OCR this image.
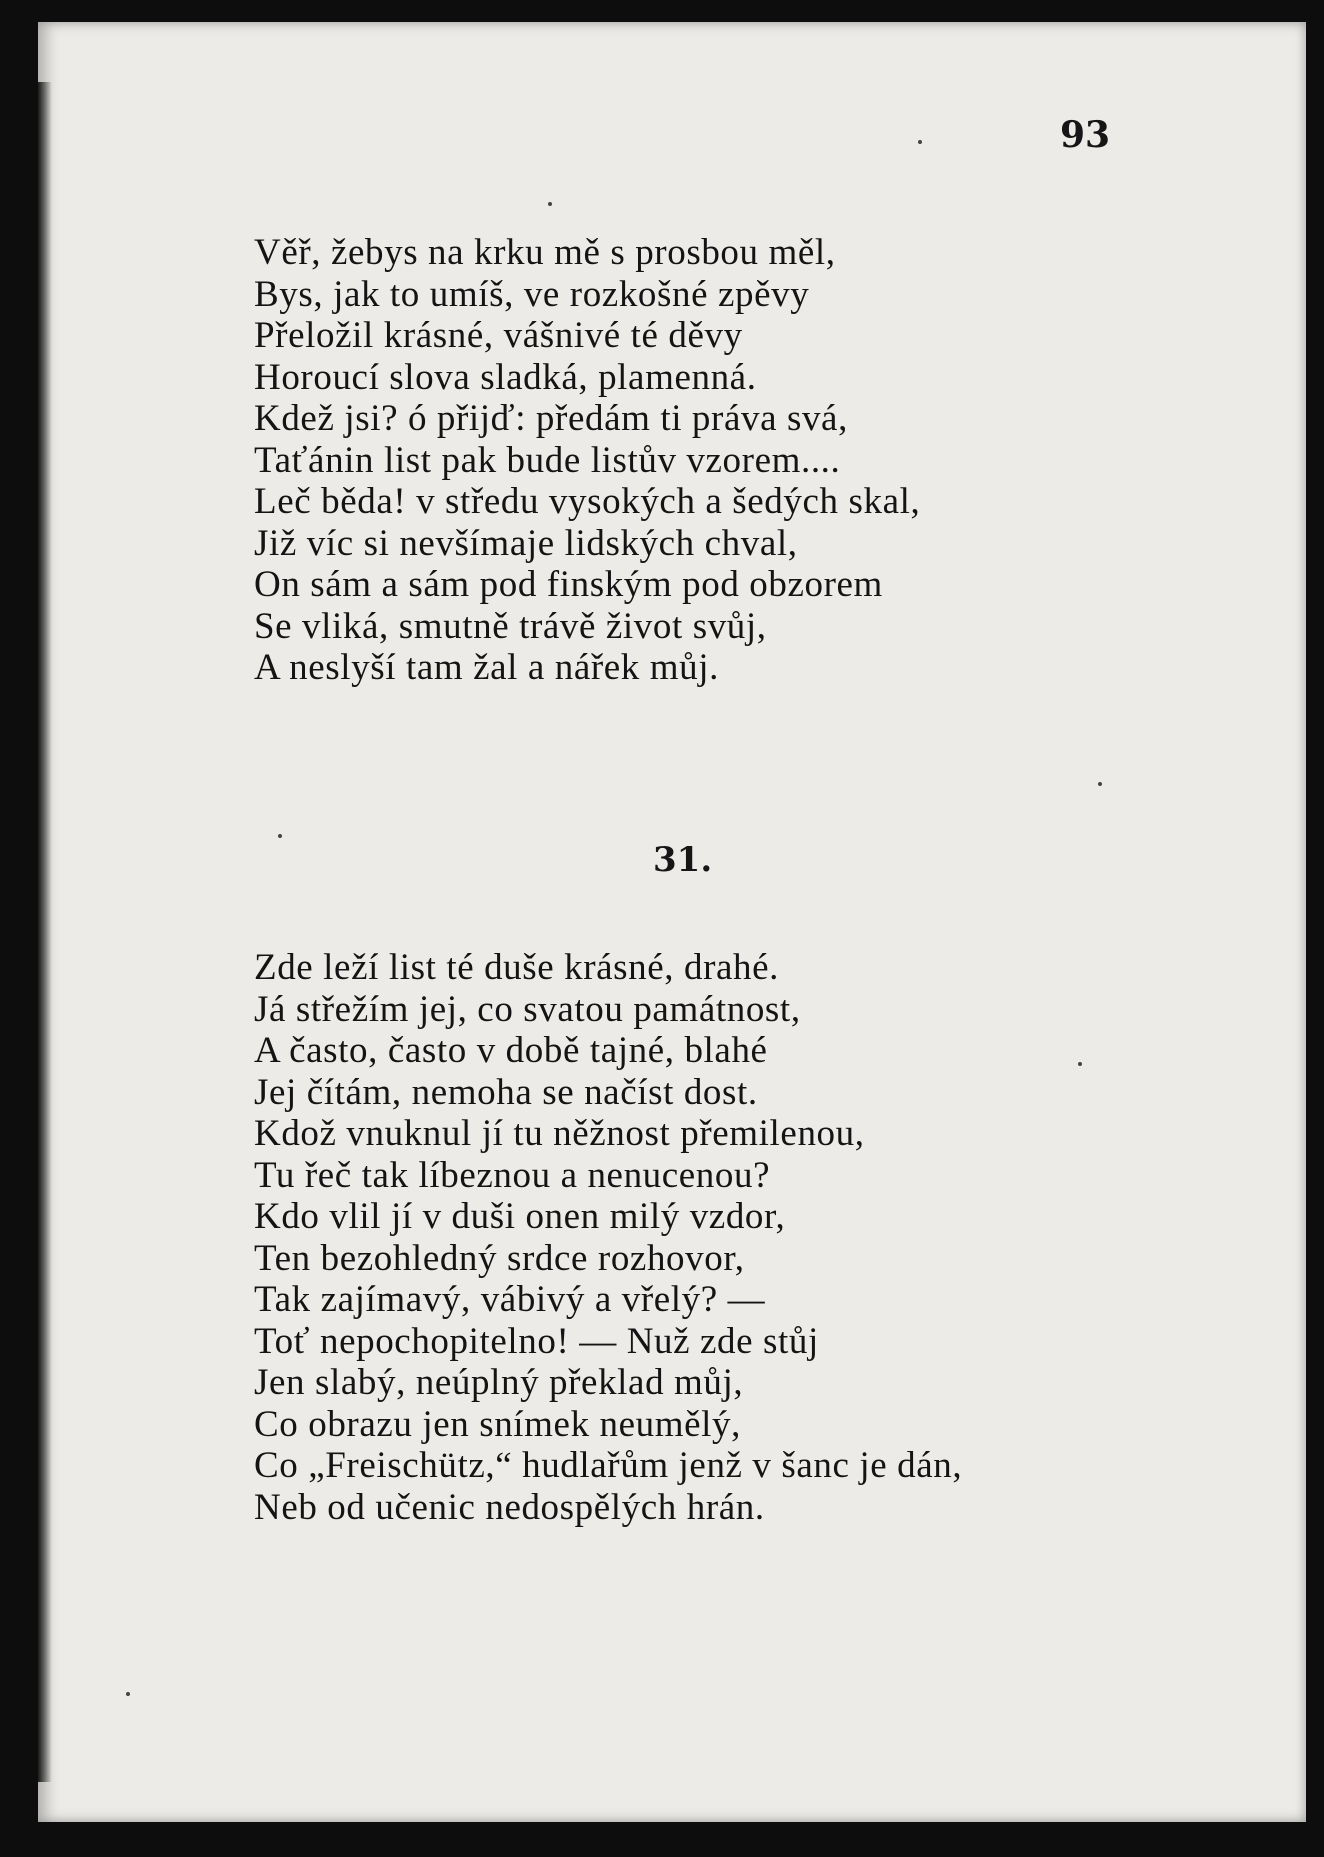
93
Věř, žebys na krku mě s prosbou měl,
Bys, jak to umíš, ve rozkošné zpěvy
Přeložil krásné, vášnivé té děvy
Horoucí slova sladká, plamenná.
Kdež jsi? ó přijď: předám ti práva svá,
Taťánin list pak bude listův vzorem....
Leč běda! v středu vysokých a šedých skal,
Již víc si nevšímaje lidských chval,
On sám a sám pod finským pod obzorem
Se vliká, smutně trávě život svůj,
A neslyší tam žal a nářek můj.
31.
Zde leží list té duše krásné, drahé.
Já střežím jej, co svatou památnost,
A často, často v době tajné, blahé
Jej čítám, nemoha se načíst dost.
Kdož vnuknul jí tu něžnost přemilenou,
Tu řeč tak líbeznou a nenucenou?
Kdo vlil jí v duši onen milý vzdor,
Ten bezohledný srdce rozhovor,
Tak zajímavý, vábivý a vřelý? —
Toť nepochopitelno! — Nuž zde stůj
Jen slabý, neúplný překlad můj,
Co obrazu jen snímek neumělý,
Co „Freischütz,“ hudlařům jenž v šanc je dán,
Neb od učenic nedospělých hrán.
